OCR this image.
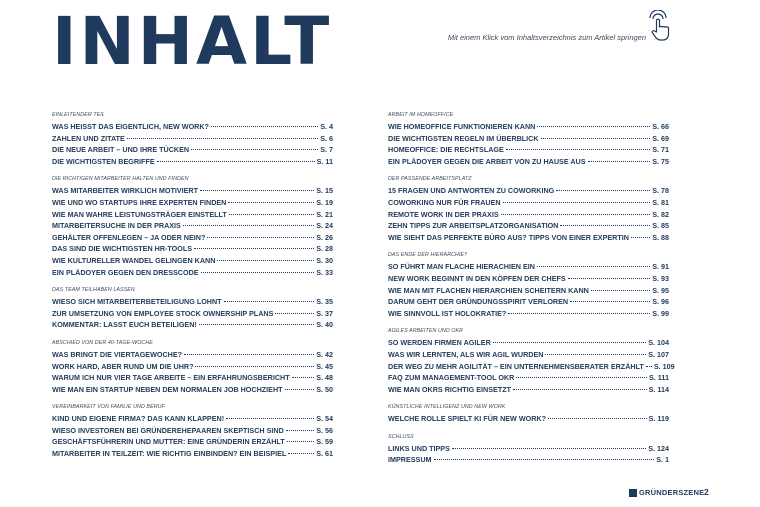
INHALT	Mit einem Klick vom Inhaltsverzeichnis zum Artikel springen
EINLEITENDER TEIL
WAS HEISST DAS EIGENTLICH, NEW WORK?	S. 4
ZAHLEN UND ZITATE	S. 6
DIE NEUE ARBEIT – UND IHRE TÜCKEN	S. 7
DIE WICHTIGSTEN BEGRIFFE	S. 11
DIE RICHTIGEN MITARBEITER HALTEN UND FINDEN
WAS MITARBEITER WIRKLICH MOTIVIERT	S. 15
WIE UND WO STARTUPS IHRE EXPERTEN FINDEN	S. 19
WIE MAN WAHRE LEISTUNGSTRÄGER EINSTELLT	S. 21
MITARBEITERSUCHE IN DER PRAXIS	S. 24
GEHÄLTER OFFENLEGEN – JA ODER NEIN?	S. 26
DAS SIND DIE WICHTIGSTEN HR-TOOLS	S. 28
WIE KULTURELLER WANDEL GELINGEN KANN	S. 30
EIN PLÄDOYER GEGEN DEN DRESSCODE	S. 33
DAS TEAM TEILHABEN LASSEN
WIESO SICH MITARBEITERBETEILIGUNG LOHNT	S. 35
ZUR UMSETZUNG VON EMPLOYEE STOCK OWNERSHIP PLANS	S. 37
KOMMENTAR: LASST EUCH BETEILIGEN!	S. 40
ABSCHIED VON DER 40-TAGE-WOCHE
WAS BRINGT DIE VIERTAGEWOCHE?	S. 42
WORK HARD, ABER RUND UM DIE UHR?	S. 45
WARUM ICH NUR VIER TAGE ARBEITE – EIN ERFAHRUNGSBERICHT	S. 48
WIE MAN EIN STARTUP NEBEN DEM NORMALEN JOB HOCHZIEHT	S. 50
VEREINBARKEIT VON FAMILIE UND BERUF
KIND UND EIGENE FIRMA? DAS KANN KLAPPEN!	S. 54
WIESO INVESTOREN BEI GRÜNDEREHEPAAREN SKEPTISCH SIND	S. 56
GESCHÄFTSFÜHRERIN UND MUTTER: EINE GRÜNDERIN ERZÄHLT	S. 59
MITARBEITER IN TEILZEIT: WIE RICHTIG EINBINDEN? EIN BEISPIEL	S. 61
ARBEIT IM HOMEOFFICE
WIE HOMEOFFICE FUNKTIONIEREN KANN	S. 66
DIE WICHTIGSTEN REGELN IM ÜBERBLICK	S. 69
HOMEOFFICE: DIE RECHTSLAGE	S. 71
EIN PLÄDOYER GEGEN DIE ARBEIT VON ZU HAUSE AUS	S. 75
DER PASSENDE ARBEITSPLATZ
15 FRAGEN UND ANTWORTEN ZU COWORKING	S. 78
COWORKING NUR FÜR FRAUEN	S. 81
REMOTE WORK IN DER PRAXIS	S. 82
ZEHN TIPPS ZUR ARBEITSPLATZORGANISATION	S. 85
WIE SIEHT DAS PERFEKTE BÜRO AUS? TIPPS VON EINER EXPERTIN	S. 88
DAS ENDE DER HIERARCHIE?
SO FÜHRT MAN FLACHE HIERACHIEN EIN	S. 91
NEW WORK BEGINNT IN DEN KÖPFEN DER CHEFS	S. 93
WIE MAN MIT FLACHEN HIERARCHIEN SCHEITERN KANN	S. 95
DARUM GEHT DER GRÜNDUNGSSPIRIT VERLOREN	S. 96
WIE SINNVOLL IST HOLOKRATIE?	S. 99
AGILES ARBEITEN UND OKR
SO WERDEN FIRMEN AGILER	S. 104
WAS WIR LERNTEN, ALS WIR AGIL WURDEN	S. 107
DER WEG ZU MEHR AGILITÄT – EIN UNTERNEHMENSBERATER ERZÄHLT S. 109
FAQ ZUM MANAGEMENT-TOOL OKR	S. 111
WIE MAN OKRS RICHTIG EINSETZT	S. 114
KÜNSTLICHE INTELLIGENZ UND NEW WORK
WELCHE ROLLE SPIELT KI FÜR NEW WORK?	S. 119
SCHLUSS
LINKS UND TIPPS	S. 124
IMPRESSUM	S. 1
GRÜNDERSZENE 2
